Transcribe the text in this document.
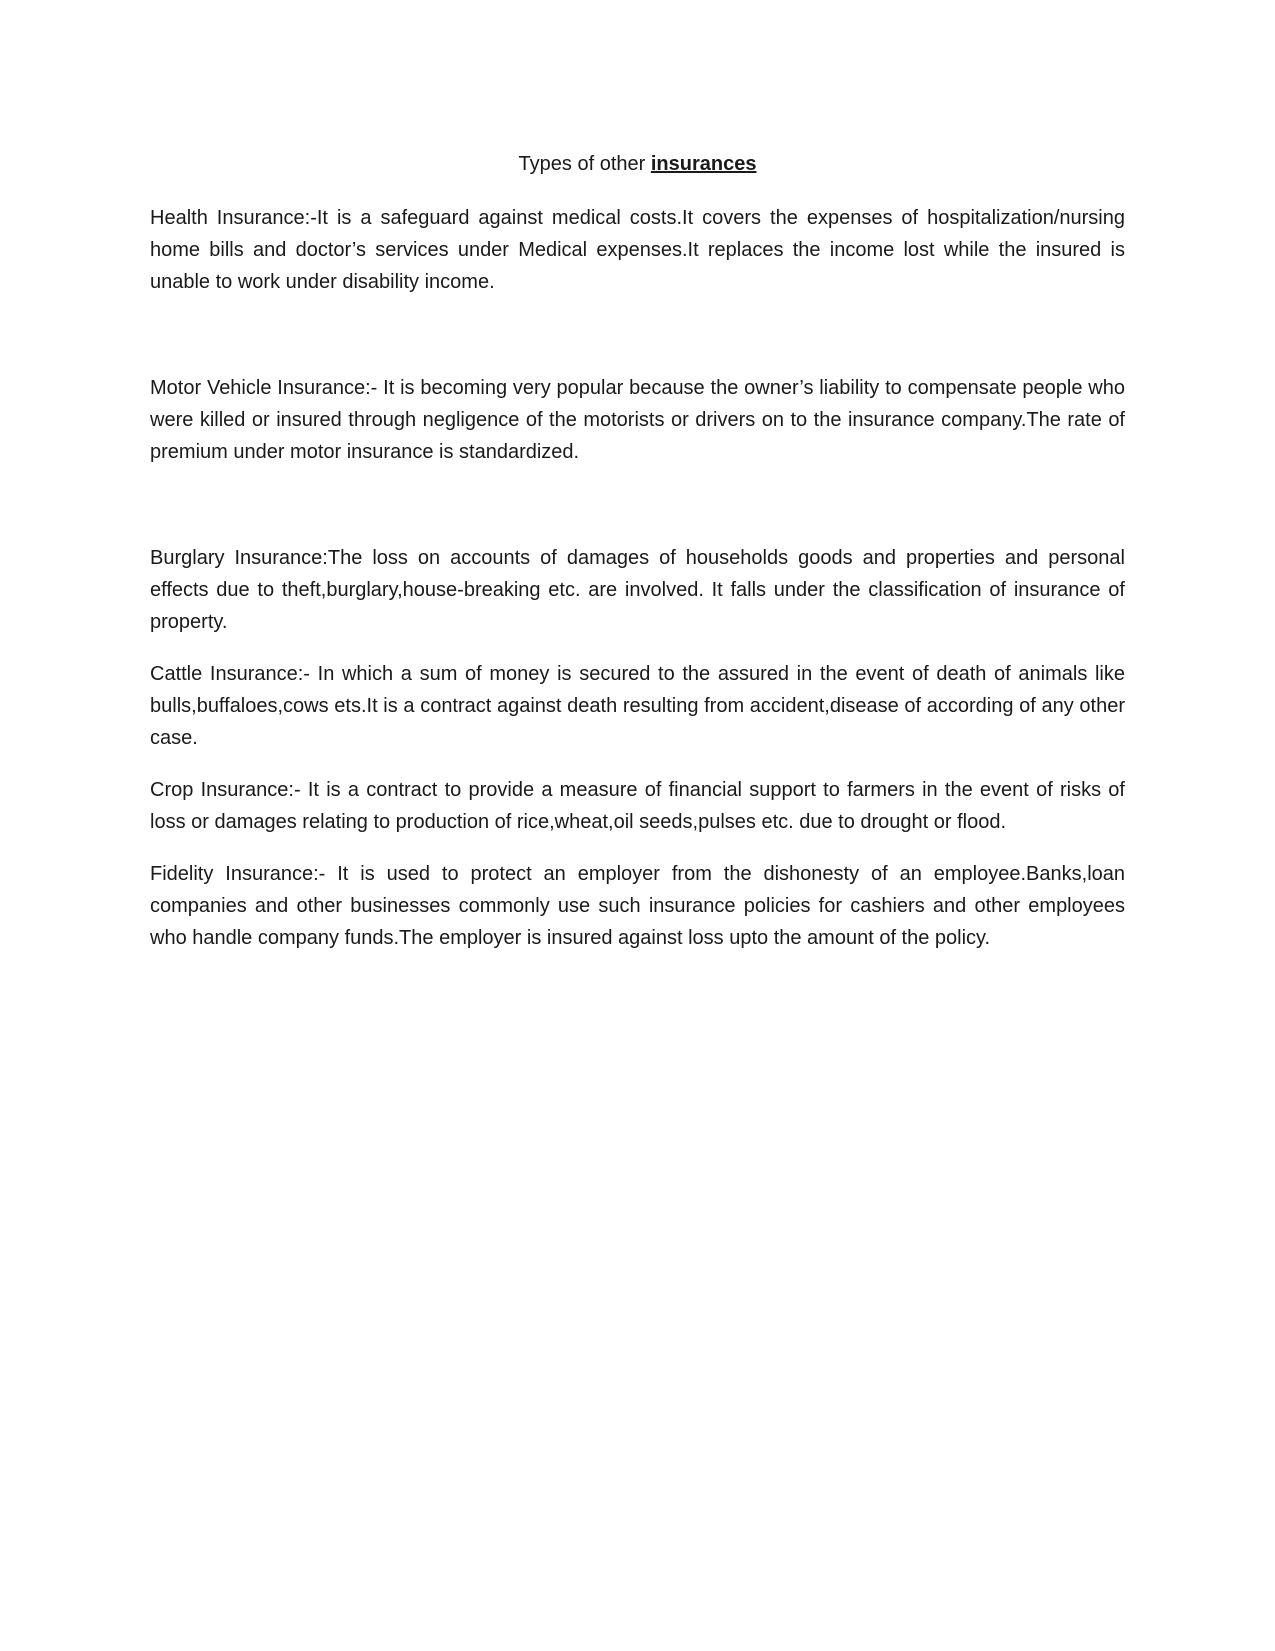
Types of other insurances

Health Insurance:-It is a safeguard against medical costs.It covers the expenses of hospitalization/nursing home bills and doctor’s services under Medical expenses.It replaces the income lost while the insured is unable to work under disability income.

Motor Vehicle Insurance:- It is becoming very popular because the owner’s liability to compensate people who were killed or insured through negligence of the motorists or drivers on to the insurance company.The rate of premium under motor insurance is standardized.

Burglary Insurance:The loss on accounts of damages of households goods and properties and personal effects due to theft,burglary,house-breaking etc. are involved. It falls under the classification of insurance of property.

Cattle Insurance:- In which a sum of money is secured to the assured in the event of death of animals like bulls,buffaloes,cows ets.It is a contract against death resulting from accident,disease of according of any other case.

Crop Insurance:- It is a contract to provide a measure of financial support to farmers in the event of risks of loss or damages relating to production of rice,wheat,oil seeds,pulses etc. due to drought or flood.

Fidelity Insurance:- It is used to protect an employer from the dishonesty of an employee.Banks,loan companies and other businesses commonly use such insurance policies for cashiers and other employees who handle company funds.The employer is insured against loss upto the amount of the policy.
